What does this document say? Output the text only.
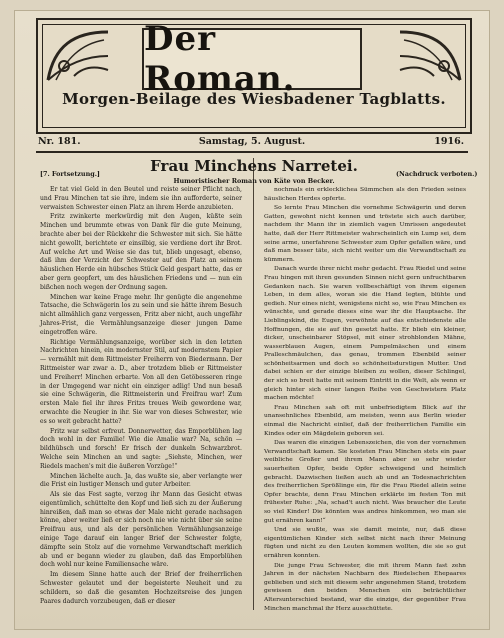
Der Roman.
Morgen-Beilage des Wiesbadener Tagblatts.
Nr. 181.	Samstag, 5. August.	1916.
Frau Minchens Narretei.
[7. Fortsetzung.]	(Nachdruck verboten.)
Humoristischer Roman von Käte von Becker.

Er tat viel Geld in den Beutel und reiste seiner Pflicht nach, und Frau Minchen tat sie ihre, indem sie ihn aufforderte, seiner verwaisten Schwester einen Platz an ihrem Herde anzubieten.

Fritz zwinkerte merkwürdig mit den Augen, küßte sein Minchen und brummte etwas von Dank für die gute Meinung, brachte aber bei der Rückkehr die Schwester mit sich. Sie hätte nicht gewollt, berichtete er einsilbig, sie verdiene dort ihr Brot. Auf welche Art und Weise sie das tut, blieb ungesagt, ebenso, daß ihm der Verzicht der Schwester auf den Platz an seinem häuslichen Herde ein hübsches Stück Geld gespart hatte, das er aber gern geopfert, um des häuslichen Friedens und — nun ein bißchen noch wegen der Ordnung sagen.

Minchen war keine Frage mehr. Ihr genügte die angenehme Tatsache, die Schwägerin los zu sein und sie hätte ihrem Besuch nicht allmählich ganz vergessen, Fritz aber nicht, auch ungefähr Jahres-Frist, die Vermählungsanzeige dieser jungen Dame eingetroffen wäre.

Richtige Vermählungsanzeige, worüber sich in den letzten Nachrichten hinein, ein modernster Stil, auf modernstem Papier — vermählt mit dem Rittmeister Freiherrn von Biedermann. Der Rittmeister war zwar a. D., aber trotzdem blieb er Rittmeister und Freiherr! Minchen erbarte. Von all den Getöbesseren ringe in der Umgegend war nicht ein einziger adlig! Und nun besaß sie eine Schwägerin, die Rittmeisterin und Freifrau war! Zum ersten Male fiel ihr ihres Fritzs treues Weib gewordene war, erwachte die Neugier in ihr. Sie war von dieses Schwester, wie es so weit gebracht hatte?

Fritz war selbst erfreut. Donnerwetter, das Emporblühen lag doch wohl in der Familie! Wie die Amalie war? Na, schön — bildhübsch und forsch! Er frisch der dunkeln Schwarzbrot. Welche sein Minchen an und sagte: „Siehste, Minchen, wer Riedels machen's mit die äußeren Vorzüge!“

Minchen lächelte auch. Ja, das wußte sie, aber verlangte wer die Frist ein lustiger Mensch und guter Arbeiter.

Als sie das Fest sagte, verzog ihr Mann das Gesicht etwas eigentümlich, schüttelte den Kopf und ließ sich zu der Äußerung hinreißen, daß man so etwas der Male nicht gerade nachsagen könne, aber weiter ließ er sich noch nie wie nicht über sie seine Freifrau aus, und als der persönlichen Vermählungsanzeige einige Tage darauf ein langer Brief der Schwester folgte, dämpfte sein Stolz auf die vornehme Verwandtschaft merklich ab und er begann wieder zu glauben, daß das Emporblühen doch wohl nur keine Familiensache wäre.

Im diesem Sinne hatte auch der Brief der freiherrlichen Schwester gelautet und der begeisterte Neuheit und zu schildern, so daß die gesamten Hochzeitsreise des jungen Paares dadurch vorzubeugen, daß er dieser

nochmals ein erklecklichea Sümmchen als den Frieden seines häuslichen Herdes opferte.

So lernte Frau Minchen die vornehme Schwägerin und deren Gatten, gewohnt nicht kennen und tröstete sich auch darüber, nachdem ihr Mann ihr in ziemlich vagen Umrissen angedeutet hatte, daß der Herr Rittmeister wahrscheinlich ein Lump sei, dem seine arme, unerfahrene Schwester zum Opfer gefallen wäre, und daß man besser täte, sich nicht weiter um die Verwandtschaft zu kümmern.

Danach wurde ihrer nicht mehr gedacht. Frau Riedel und seine Frau hingen mit ihren gesunden Sinnen nicht gern unfruchtbaren Gedanken nach. Sie waren vollbeschäftigt von ihrem eigenen Leben, in dem alles, woran sie die Hand legten, blühte und gedieh. Nur eines nicht, wenigstens nicht so, wie Frau Minchen es wünschte, und gerade dieses eine war ihr die Hauptsache. Ihr Lieblingskind, die Eugen, verwöhnte auf das entschiedenste alle Hoffnungen, die sie auf ihn gesetzt hatte. Er blieb ein kleiner, dicker, unscheinbarer Stöpsel, mit einer strohblonden Mähne, wasserblauen Augen, einem Pumpelmäschen und einem Pralleschmäulchen, das genau, trommen Ebenbild seiner schönheitsarmen und doch so schönheitsdurstigen Mutter. Und dabei schien er der einzige bleiben zu wollen, dieser Schlingel, der sich so breit hatte mit seinem Eintritt in die Welt, als wenn er gleich hinter sich einer langen Reihe von Geschwistern Platz machen möchte!

Frau Minchen sah oft mit unbefriedigtem Blick auf ihr unansehnliches Ebenbild, am meisten, wenn aus Berlin wieder einmal die Nachricht einlief, daß der freiherrlichen Familie ein Kindes oder ein Mägdelein geboren sei.

Das waren die einzigen Lebenszeichen, die von der vornehmen Verwandtschaft kamen. Sie kosteten Frau Minchen stets ein paar weibliche Großer und ihrem Mann aber so sehr wieder sauerheiten Opfer, beide Opfer schweigend und heimlich gebracht. Dazwischen ließen auch ab und an Todesnachrichten des freiherrlichen Sprößlinge ein, für die Frau Riedel allein seine Opfer brachte, denn Frau Minchen erklärte im festen Ton mit frühester Ruhe: „Na, schad't auch nicht. Was braucher die Leute so viel Kinder! Die könnten was andres hinkommen, wo man sie gut ernähren kann!“

Und sie wußte, was sie damit meinte, nur, daß diese eigentümlichen Kinder sich selbst nicht nach ihrer Meinung fügten und nicht zu den Leuten kommen wollten, die sie so gut ernähren konnten.

Die junge Frau Schwester, die mit ihrem Mann fast zehn Jahren in der nächsten Nachbarn des Riedelschen Ehepaares geblieben und sich mit diesem sehr angenehmen Stand, trotzdem gewissen den beiden Menschen ein beträchtlicher Altersunterschied bestand, war die einzige, der gegenüber Frau Minchen manchmal ihr Herz ausschüttete.
